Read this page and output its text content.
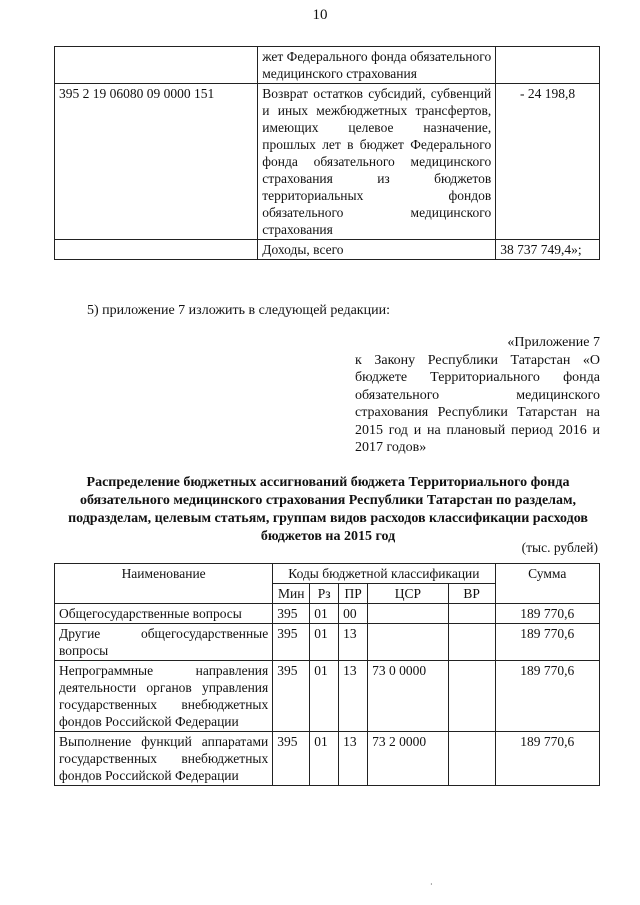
10
	жет Федерального фонда обязательного медицинского страхования	
395 2 19 06080 09 0000 151	Возврат остатков субсидий, субвенций и иных межбюджетных трансфертов, имеющих целевое назначение, прошлых лет в бюджет Федерального фонда обязательного медицинского страхования из бюджетов территориальных фондов обязательного медицинского страхования	- 24 198,8
	Доходы, всего	38 737 749,4»;
5) приложение 7 изложить в следующей редакции:
«Приложение 7
к Закону Республики Татарстан «О бюджете Территориального фонда обязательного медицинского страхования Республики Татарстан на 2015 год и на плановый период 2016 и 2017 годов»
Распределение бюджетных ассигнований бюджета Территориального фонда обязательного медицинского страхования Республики Татарстан по разделам, подразделам, целевым статьям, группам видов расходов классификации расходов бюджетов на 2015 год
(тыс. рублей)
Наименование	Коды бюджетной классификации					Сумма
	Мин	Рз	ПР	ЦСР	ВР	
Общегосударственные вопросы	395	01	00			189 770,6
Другие общегосударственные вопросы	395	01	13			189 770,6
Непрограммные направления деятельности органов управления государственных внебюджетных фондов Российской Федерации	395	01	13	73 0 0000		189 770,6
Выполнение функций аппаратами государственных внебюджетных фондов Российской Федерации	395	01	13	73 2 0000		189 770,6
·
